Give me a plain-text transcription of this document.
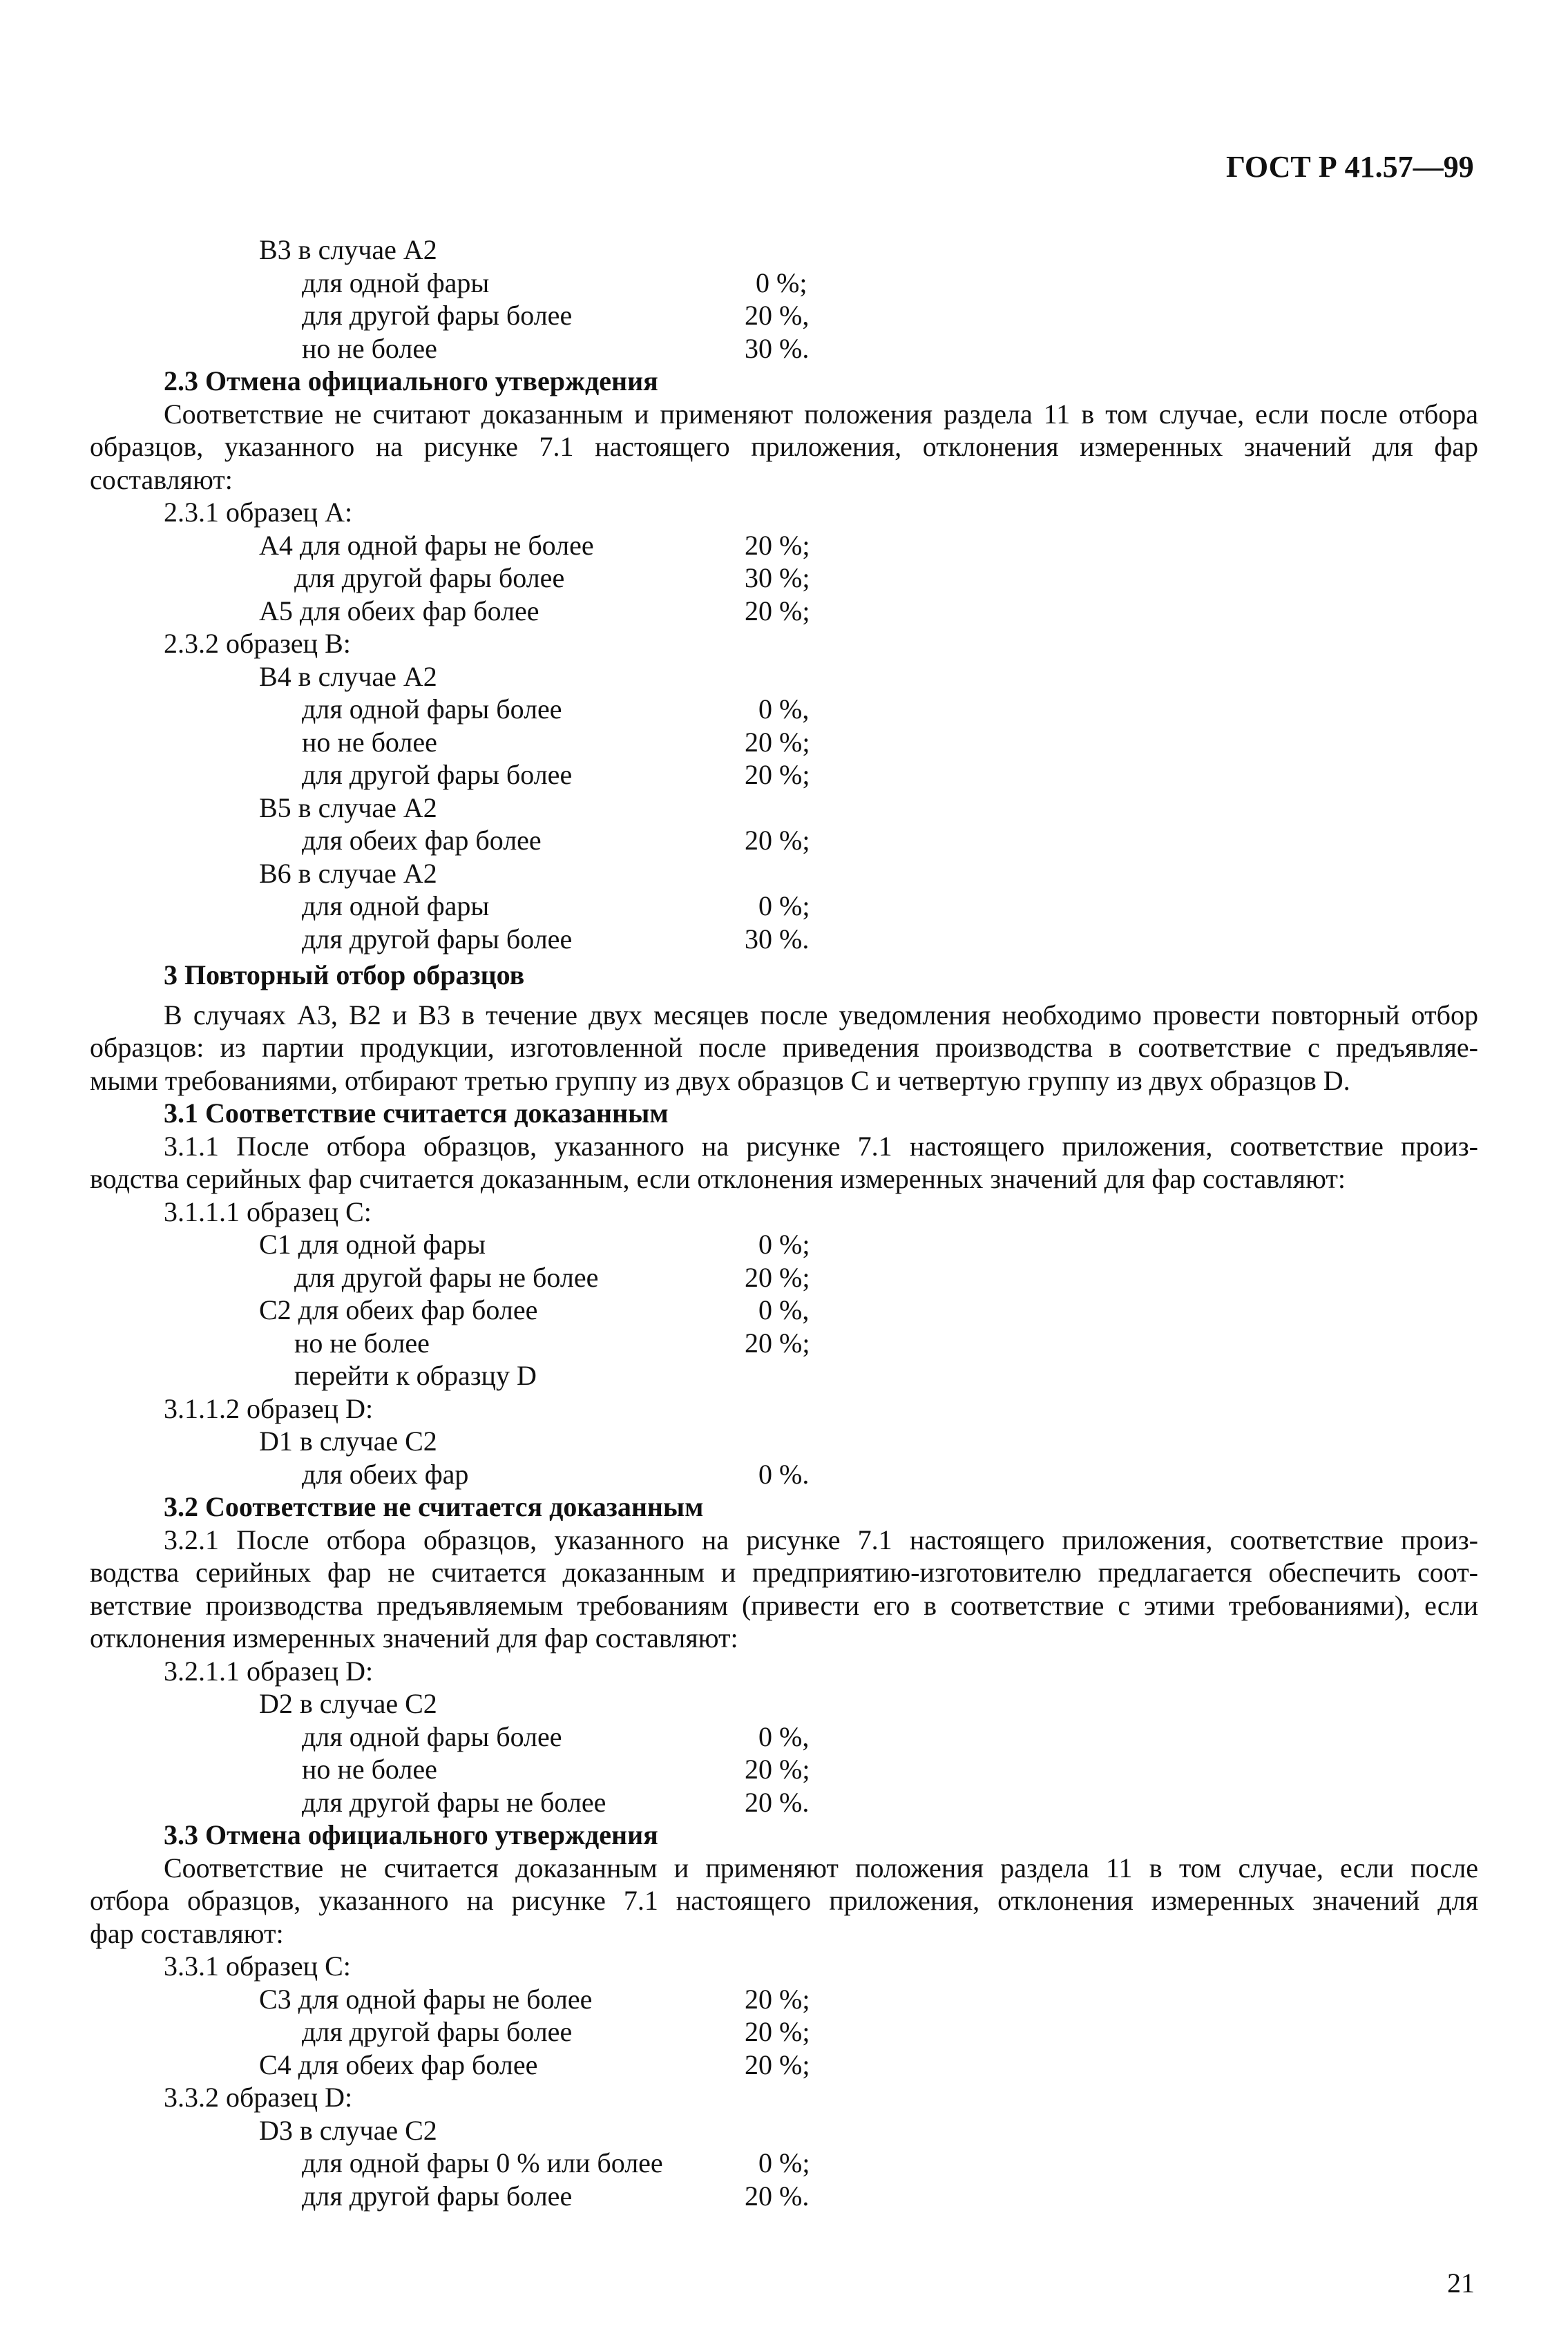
ГОСТ Р 41.57—99
В3 в случае А2
для одной фары	0 %;
для другой фары более	20 %,
но не более	30 %.
2.3 Отмена официального утверждения
Соответствие не считают доказанным и применяют положения раздела 11 в том случае, если после отбора
образцов, указанного на рисунке 7.1 настоящего приложения, отклонения измеренных значений для фар
составляют:
2.3.1 образец А:
А4 для одной фары не более	20 %;
для другой фары более	30 %;
А5 для обеих фар более	20 %;
2.3.2 образец В:
В4 в случае А2
для одной фары более	0 %,
но не более	20 %;
для другой фары более	20 %;
В5 в случае А2
для обеих фар более	20 %;
В6 в случае А2
для одной фары	0 %;
для другой фары более	30 %.
3 Повторный отбор образцов
В случаях А3, В2 и В3 в течение двух месяцев после уведомления необходимо провести повторный отбор
образцов: из партии продукции, изготовленной после приведения производства в соответствие с предъявляе-
мыми требованиями, отбирают третью группу из двух образцов С и четвертую группу из двух образцов D.
3.1 Соответствие считается доказанным
3.1.1 После отбора образцов, указанного на рисунке 7.1 настоящего приложения, соответствие произ-
водства серийных фар считается доказанным, если отклонения измеренных значений для фар составляют:
3.1.1.1 образец С:
С1 для одной фары	0 %;
для другой фары не более	20 %;
С2 для обеих фар более	0 %,
но не более	20 %;
перейти к образцу D
3.1.1.2 образец D:
D1 в случае С2
для обеих фар	0 %.
3.2 Соответствие не считается доказанным
3.2.1 После отбора образцов, указанного на рисунке 7.1 настоящего приложения, соответствие произ-
водства серийных фар не считается доказанным и предприятию-изготовителю предлагается обеспечить соот-
ветствие производства предъявляемым требованиям (привести его в соответствие с этими требованиями), если
отклонения измеренных значений для фар составляют:
3.2.1.1 образец D:
D2 в случае С2
для одной фары более	0 %,
но не более	20 %;
для другой фары не более	20 %.
3.3 Отмена официального утверждения
Соответствие не считается доказанным и применяют положения раздела 11 в том случае, если после
отбора образцов, указанного на рисунке 7.1 настоящего приложения, отклонения измеренных значений для
фар составляют:
3.3.1 образец С:
С3 для одной фары не более	20 %;
для другой фары более	20 %;
С4 для обеих фар более	20 %;
3.3.2 образец D:
D3 в случае С2
для одной фары 0 % или более	0 %;
для другой фары более	20 %.
21
